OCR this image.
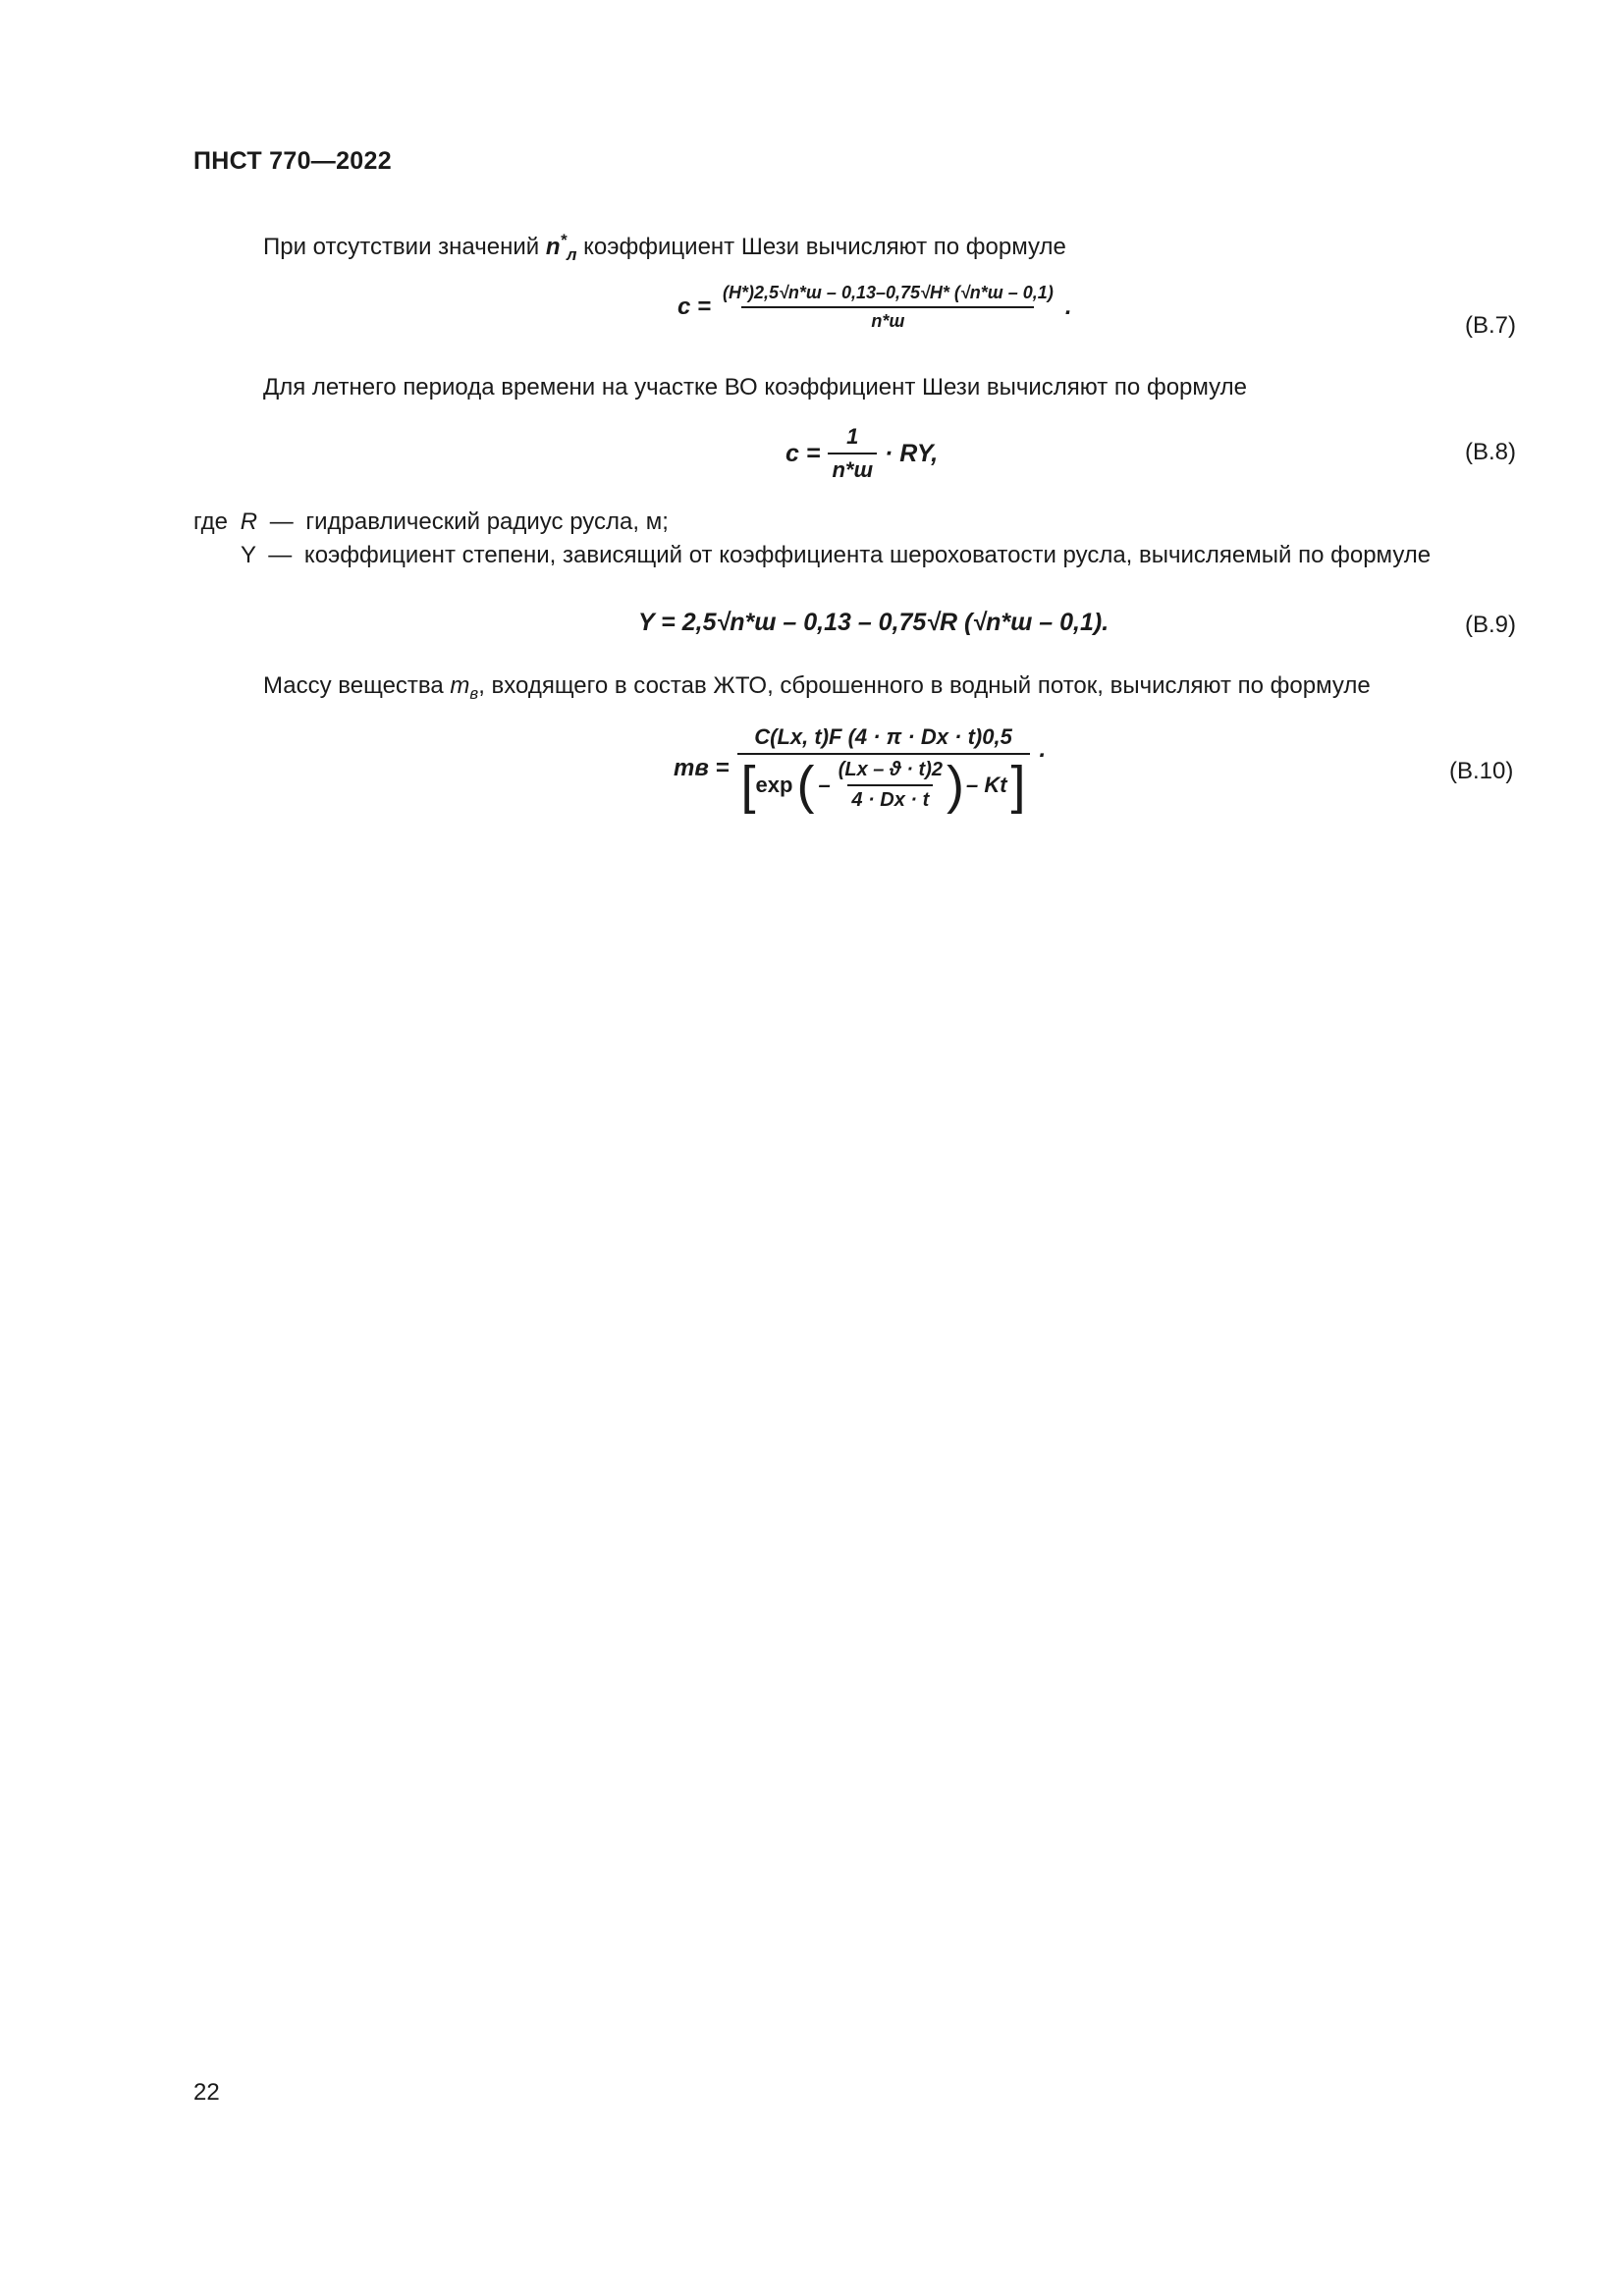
ПНСТ 770—2022
При отсутствии значений $n^*_л$ коэффициент Шези вычисляют по формуле
$c = \frac{(H*)2,5√n*ш - 0,13-0,75√H* (√n*ш - 0,1)}{n*ш}$ .
(В.7)
Для летнего периода времени на участке ВО коэффициент Шези вычисляют по формуле
$c = \frac{1}{n*ш}$ · RY,	(В.8)
где R — гидравлический радиус русла, м;
Y — коэффициент степени, зависящий от коэффициента шероховатости русла, вычисляемый по формуле
Y = 2,5√n*ш – 0,13 – 0,75√R (√n*ш – 0,1).	(В.9)
Массу вещества $m_в$, входящего в состав ЖТО, сброшенного в водный поток, вычисляют по формуле
mв =
C(Lx, t)F (4 · π · Dx · t)0,5
[ exp ( – $\frac{(Lx - ϑ \cdot t)2}{4 \cdot Dx \cdot t}$ ) – Kt ]
.
(В.10)
22
